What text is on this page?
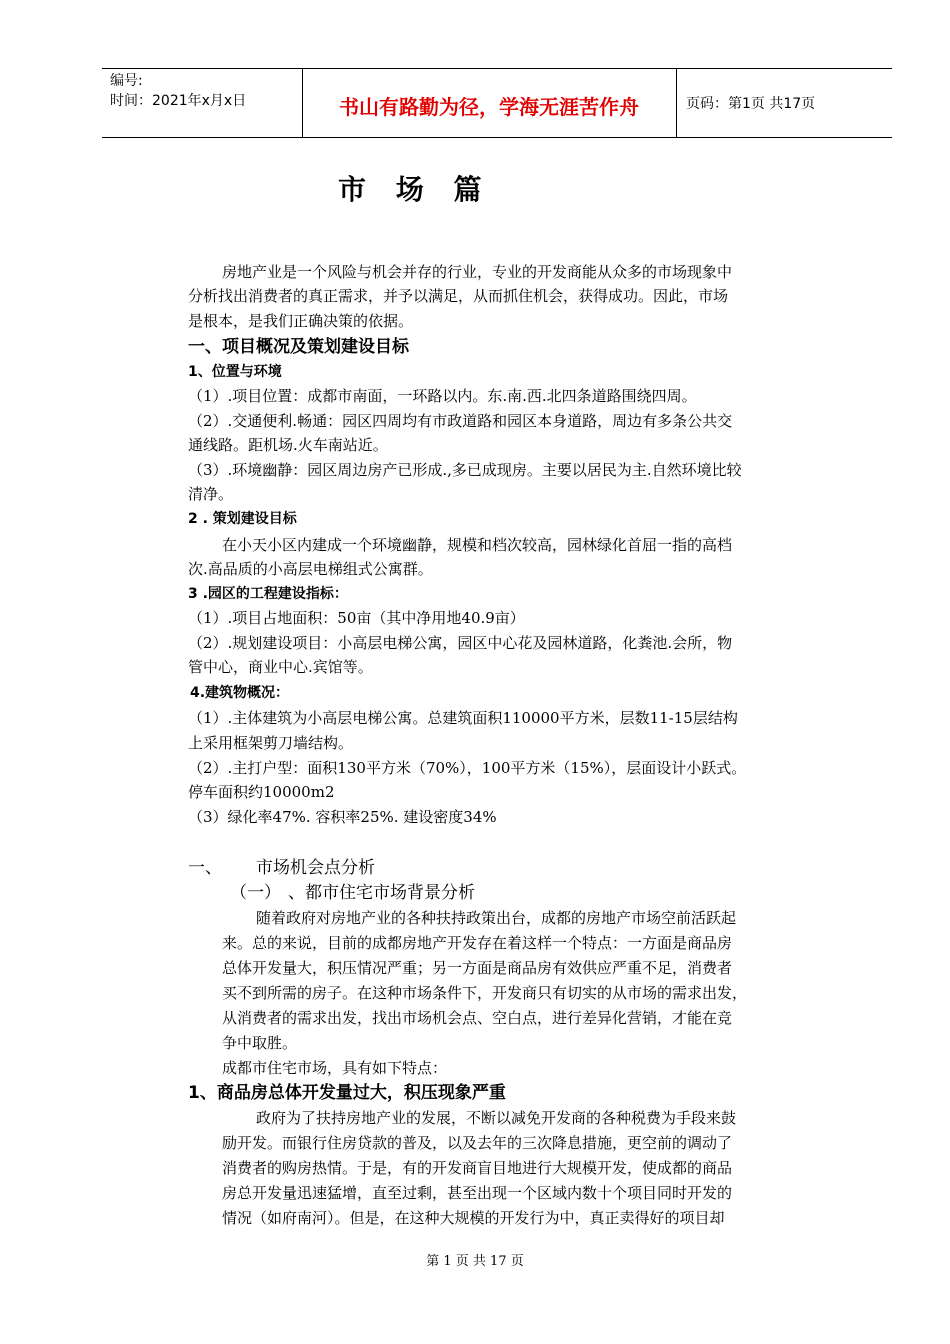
编号:
时间：2021年x月x日	书山有路勤为径，学海无涯苦作舟	页码：第1页 共17页
市 场 篇
房地产业是一个风险与机会并存的行业，专业的开发商能从众多的市场现象中
分析找出消费者的真正需求，并予以满足，从而抓住机会，获得成功。因此，市场
是根本，是我们正确决策的依据。
一、项目概况及策划建设目标
1、位置与环境
（1）.项目位置：成都市南面，一环路以内。东.南.西.北四条道路围绕四周。
（2）.交通便利.畅通：园区四周均有市政道路和园区本身道路，周边有多条公共交
通线路。距机场.火车南站近。
（3）.环境幽静：园区周边房产已形成.,多已成现房。主要以居民为主.自然环境比较
清净。
2 . 策划建设目标
在小天小区内建成一个环境幽静，规模和档次较高，园林绿化首屈一指的高档
次.高品质的小高层电梯组式公寓群。
3 .园区的工程建设指标：
（1）.项目占地面积：50亩（其中净用地40.9亩）
（2）.规划建设项目：小高层电梯公寓，园区中心花及园林道路，化粪池.会所，物
管中心，商业中心.宾馆等。
4.建筑物概况：
（1）.主体建筑为小高层电梯公寓。总建筑面积110000平方米，层数11-15层结构
上采用框架剪刀墙结构。
（2）.主打户型：面积130平方米（70%），100平方米（15%），层面设计小跃式。
停车面积约10000m2
（3）绿化率47%. 容积率25%. 建设密度34%
一、 市场机会点分析
（一） 、都市住宅市场背景分析
随着政府对房地产业的各种扶持政策出台，成都的房地产市场空前活跃起
来。总的来说，目前的成都房地产开发存在着这样一个特点：一方面是商品房
总体开发量大，积压情况严重；另一方面是商品房有效供应严重不足，消费者
买不到所需的房子。在这种市场条件下，开发商只有切实的从市场的需求出发，
从消费者的需求出发，找出市场机会点、空白点，进行差异化营销，才能在竞
争中取胜。
成都市住宅市场，具有如下特点：
1、商品房总体开发量过大，积压现象严重
政府为了扶持房地产业的发展，不断以减免开发商的各种税费为手段来鼓
励开发。而银行住房贷款的普及，以及去年的三次降息措施，更空前的调动了
消费者的购房热情。于是，有的开发商盲目地进行大规模开发，使成都的商品
房总开发量迅速猛增，直至过剩，甚至出现一个区域内数十个项目同时开发的
情况（如府南河）。但是，在这种大规模的开发行为中，真正卖得好的项目却
第 1 页 共 17 页
